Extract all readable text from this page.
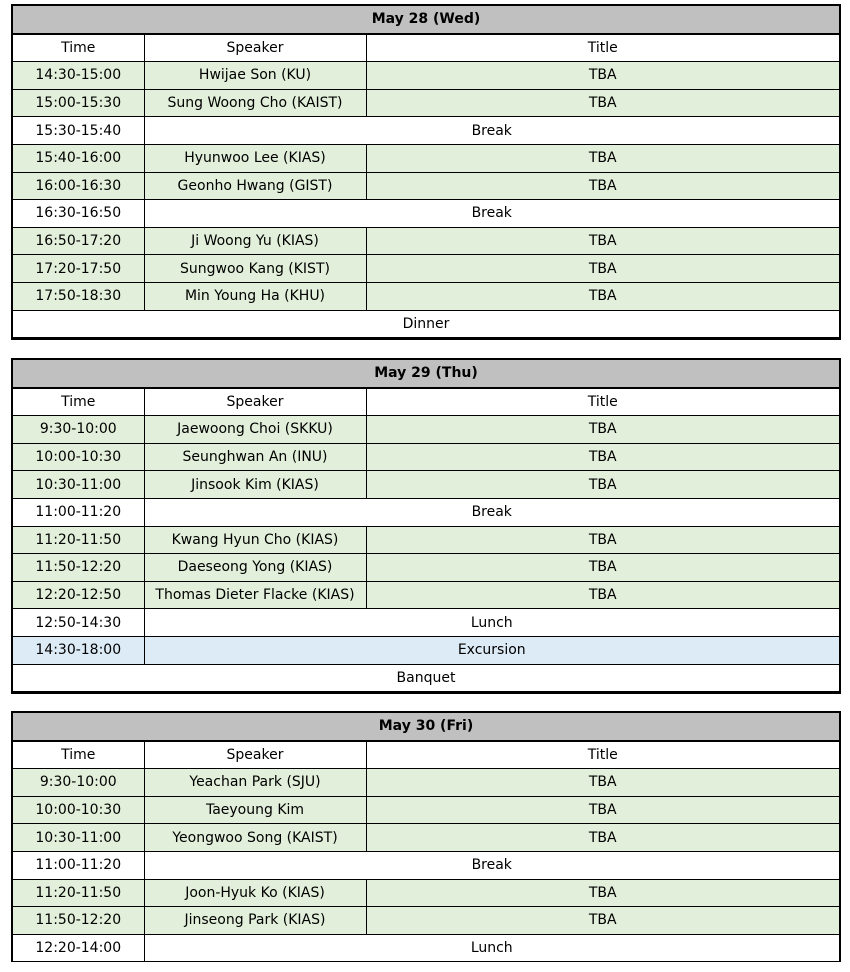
May 28 (Wed)		
Time	Speaker	Title
14:30-15:00	Hwijae Son (KU)	TBA
15:00-15:30	Sung Woong Cho (KAIST)	TBA
15:30-15:40	Break	
15:40-16:00	Hyunwoo Lee (KIAS)	TBA
16:00-16:30	Geonho Hwang (GIST)	TBA
16:30-16:50	Break	
16:50-17:20	Ji Woong Yu (KIAS)	TBA
17:20-17:50	Sungwoo Kang (KIST)	TBA
17:50-18:30	Min Young Ha (KHU)	TBA
Dinner		
May 29 (Thu)		
Time	Speaker	Title
9:30-10:00	Jaewoong Choi (SKKU)	TBA
10:00-10:30	Seunghwan An (INU)	TBA
10:30-11:00	Jinsook Kim (KIAS)	TBA
11:00-11:20	Break	
11:20-11:50	Kwang Hyun Cho (KIAS)	TBA
11:50-12:20	Daeseong Yong (KIAS)	TBA
12:20-12:50	Thomas Dieter Flacke (KIAS)	TBA
12:50-14:30	Lunch	
14:30-18:00	Excursion	
Banquet		
May 30 (Fri)		
Time	Speaker	Title
9:30-10:00	Yeachan Park (SJU)	TBA
10:00-10:30	Taeyoung Kim	TBA
10:30-11:00	Yeongwoo Song (KAIST)	TBA
11:00-11:20	Break	
11:20-11:50	Joon-Hyuk Ko (KIAS)	TBA
11:50-12:20	Jinseong Park (KIAS)	TBA
12:20-14:00	Lunch	
